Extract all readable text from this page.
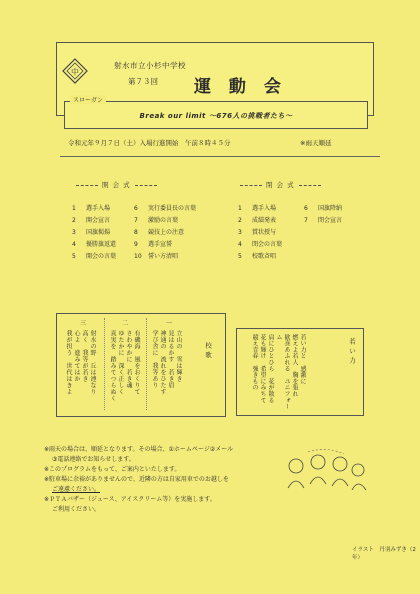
中
射水市立小杉中学校
第７３回 運 動 会
Break our limit 〜676人の挑戦者たち〜
スローガン
令和元年９月７日（土）入場行進開始　午前８時４５分	※雨天順延
開 会 式
1 選手入場
2 開会宣言
3 国旗掲揚
4 優勝旗返還
5 開会の言葉
6 実行委員長の言葉
7 激励の言葉
8 競技上の注意
9 選手宣誓
10 誓い方清唱
閉 会 式
1 選手入場
2 成績発表
3 賞状授与
4 閉会の言葉
5 校歌斉唱
6 国旗降納
7 閉会宣言
校歌
一
立山の　雪は輝き
見はるかす　若き眉
神通の　流れをひたす
学び舎に　我等あり
二
有磯海　風をおくりて
さわやかに　若き魂
ゆたかに　深く正しく
真実を　踏みてつらぬく
三
射水の野　丘は連なり
高く　我等が若き
心よ　進みてはか
我が担う　世代はきよ	若い力
若い力と　感激に
燃えよ若人　胸を張れ
歓喜あふれる　ユニフォーム
肩にひとひら　花が散る
花も輝け　希望にみちて
競え青春　強きもの
※雨天の場合は、順延となります。その場合、①ホームページ②メール
③電話連絡でお知らせします。
※このプログラムをもって、ご案内といたします。
※駐車場に余裕がありませんので、近隣の方は自家用車でのお越しを
ご遠慮ください。
※ＰＴＡバザー（ジュース、アイスクリーム等）を実施します。
ご利用ください。
イラスト　丹羽みずき（2年）
